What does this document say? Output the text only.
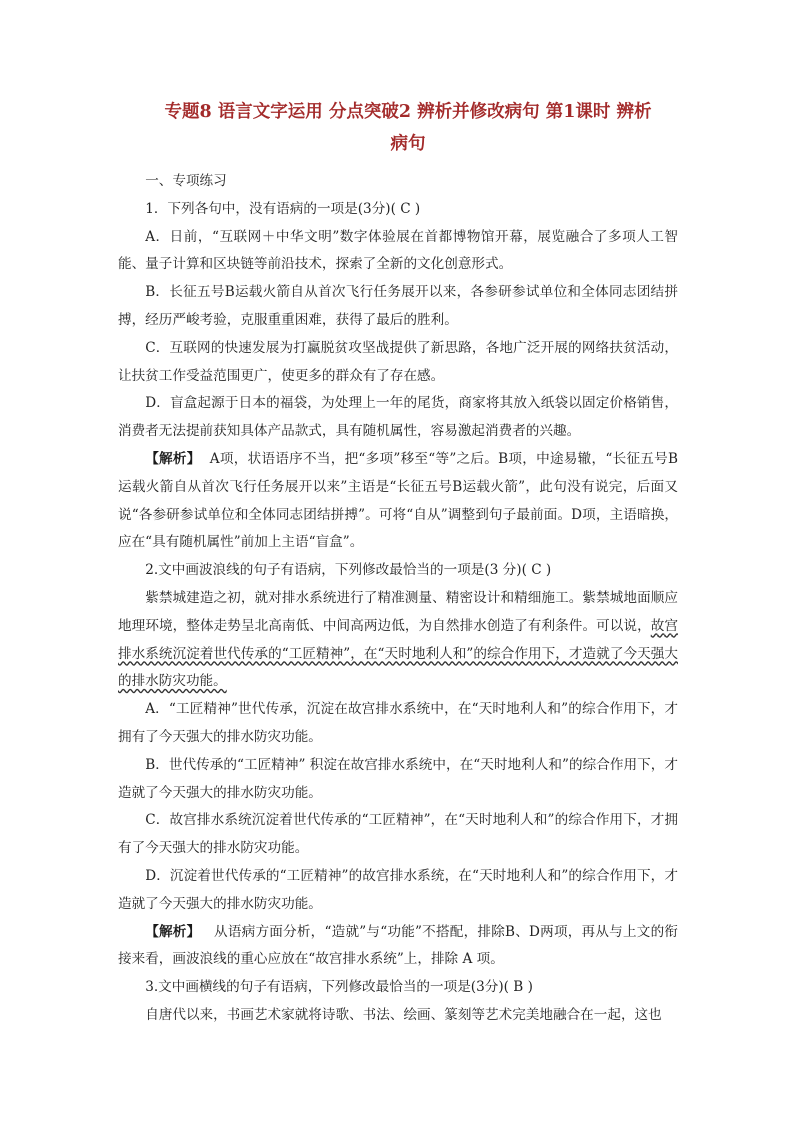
专题8 语言文字运用 分点突破2 辨析并修改病句 第1课时 辨析病句

一、专项练习

1．下列各句中，没有语病的一项是(3分)( C )

A．日前，“互联网＋中华文明”数字体验展在首都博物馆开幕，展览融合了多项人工智能、量子计算和区块链等前沿技术，探索了全新的文化创意形式。

B．长征五号B运载火箭自从首次飞行任务展开以来，各参研参试单位和全体同志团结拼搏，经历严峻考验，克服重重困难，获得了最后的胜利。

C．互联网的快速发展为打赢脱贫攻坚战提供了新思路，各地广泛开展的网络扶贫活动，让扶贫工作受益范围更广，使更多的群众有了存在感。

D．盲盒起源于日本的福袋，为处理上一年的尾货，商家将其放入纸袋以固定价格销售，消费者无法提前获知具体产品款式，具有随机属性，容易激起消费者的兴趣。

【解析】 A项，状语语序不当，把“多项”移至“等”之后。B项，中途易辙，“长征五号B运载火箭自从首次飞行任务展开以来”主语是“长征五号B运载火箭”，此句没有说完，后面又说“各参研参试单位和全体同志团结拼搏”。可将“自从”调整到句子最前面。D项，主语暗换，应在“具有随机属性”前加上主语“盲盒”。

2.文中画波浪线的句子有语病，下列修改最恰当的一项是(3 分)( C )

紫禁城建造之初，就对排水系统进行了精准测量、精密设计和精细施工。紫禁城地面顺应地理环境，整体走势呈北高南低、中间高两边低，为自然排水创造了有利条件。可以说，故宫排水系统沉淀着世代传承的“工匠精神”，在“天时地利人和”的综合作用下，才造就了今天强大的排水防灾功能。

A．“工匠精神”世代传承，沉淀在故宫排水系统中，在“天时地利人和”的综合作用下，才拥有了今天强大的排水防灾功能。

B．世代传承的“工匠精神” 积淀在故宫排水系统中，在“天时地利人和”的综合作用下，才造就了今天强大的排水防灾功能。

C．故宫排水系统沉淀着世代传承的“工匠精神”，在“天时地利人和”的综合作用下，才拥有了今天强大的排水防灾功能。

D．沉淀着世代传承的“工匠精神”的故宫排水系统，在“天时地利人和”的综合作用下，才造就了今天强大的排水防灾功能。

【解析】   从语病方面分析，“造就”与“功能”不搭配，排除B、D两项，再从与上文的衔接来看，画波浪线的重心应放在“故宫排水系统”上，排除 A 项。

3.文中画横线的句子有语病，下列修改最恰当的一项是(3分)( B )

自唐代以来，书画艺术家就将诗歌、书法、绘画、篆刻等艺术完美地融合在一起，这也
